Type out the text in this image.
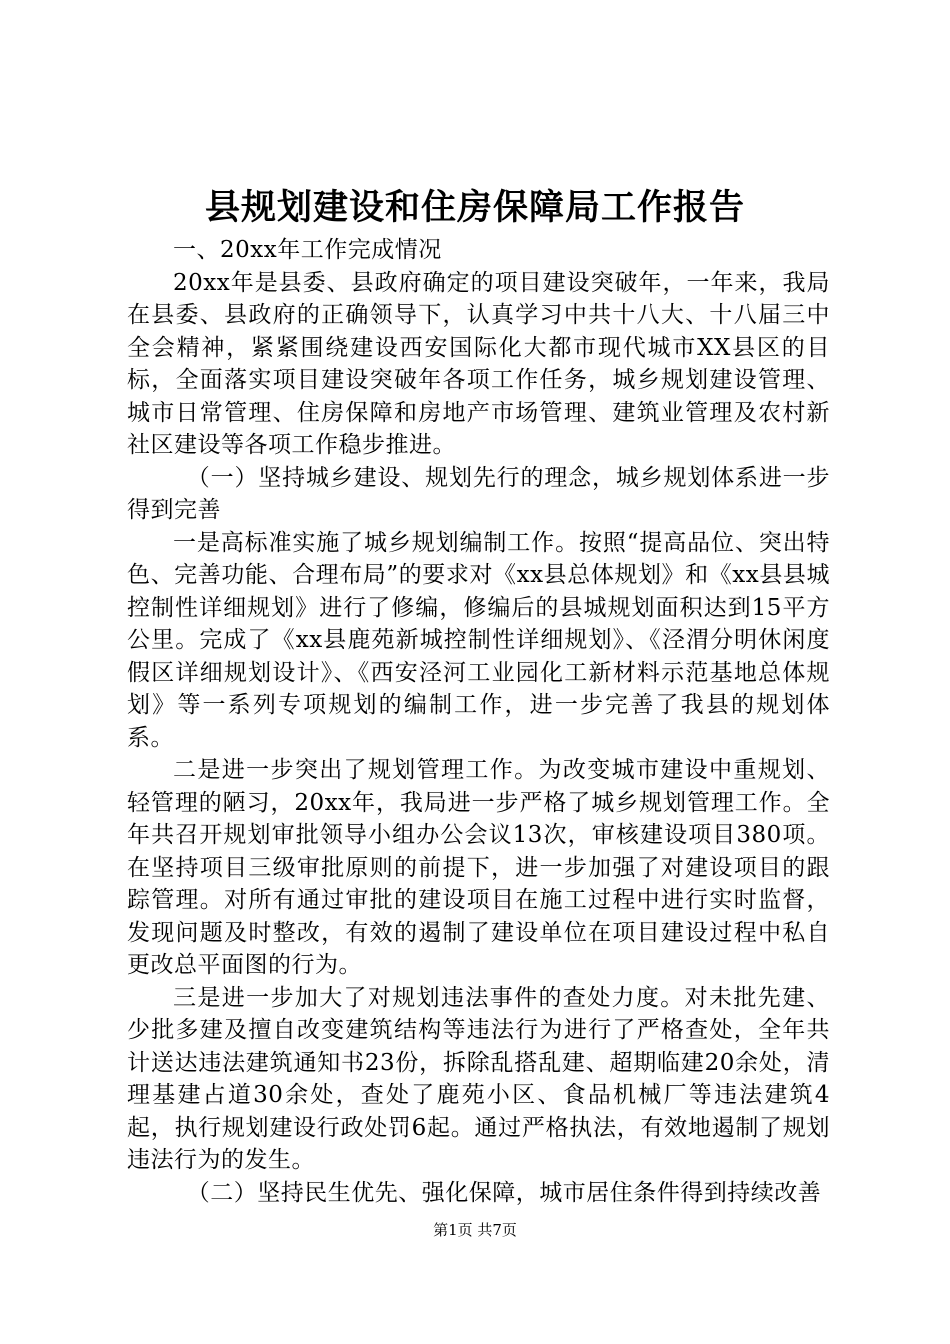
县规划建设和住房保障局工作报告

一、20xx年工作完成情况

20xx年是县委、县政府确定的项目建设突破年，一年来，我局在县委、县政府的正确领导下，认真学习中共十八大、十八届三中全会精神，紧紧围绕建设西安国际化大都市现代城市XX县区的目标，全面落实项目建设突破年各项工作任务，城乡规划建设管理、城市日常管理、住房保障和房地产市场管理、建筑业管理及农村新社区建设等各项工作稳步推进。

（一）坚持城乡建设、规划先行的理念，城乡规划体系进一步得到完善

一是高标准实施了城乡规划编制工作。按照“提高品位、突出特色、完善功能、合理布局”的要求对《xx县总体规划》和《xx县县城控制性详细规划》进行了修编，修编后的县城规划面积达到15平方公里。完成了《xx县鹿苑新城控制性详细规划》、《泾渭分明休闲度假区详细规划设计》、《西安泾河工业园化工新材料示范基地总体规划》等一系列专项规划的编制工作，进一步完善了我县的规划体系。

二是进一步突出了规划管理工作。为改变城市建设中重规划、轻管理的陋习，20xx年，我局进一步严格了城乡规划管理工作。全年共召开规划审批领导小组办公会议13次，审核建设项目380项。在坚持项目三级审批原则的前提下，进一步加强了对建设项目的跟踪管理。对所有通过审批的建设项目在施工过程中进行实时监督，发现问题及时整改，有效的遏制了建设单位在项目建设过程中私自更改总平面图的行为。

三是进一步加大了对规划违法事件的查处力度。对未批先建、少批多建及擅自改变建筑结构等违法行为进行了严格查处，全年共计送达违法建筑通知书23份，拆除乱搭乱建、超期临建20余处，清理基建占道30余处，查处了鹿苑小区、食品机械厂等违法建筑4起，执行规划建设行政处罚6起。通过严格执法，有效地遏制了规划违法行为的发生。

（二）坚持民生优先、强化保障，城市居住条件得到持续改善

第1页 共7页
